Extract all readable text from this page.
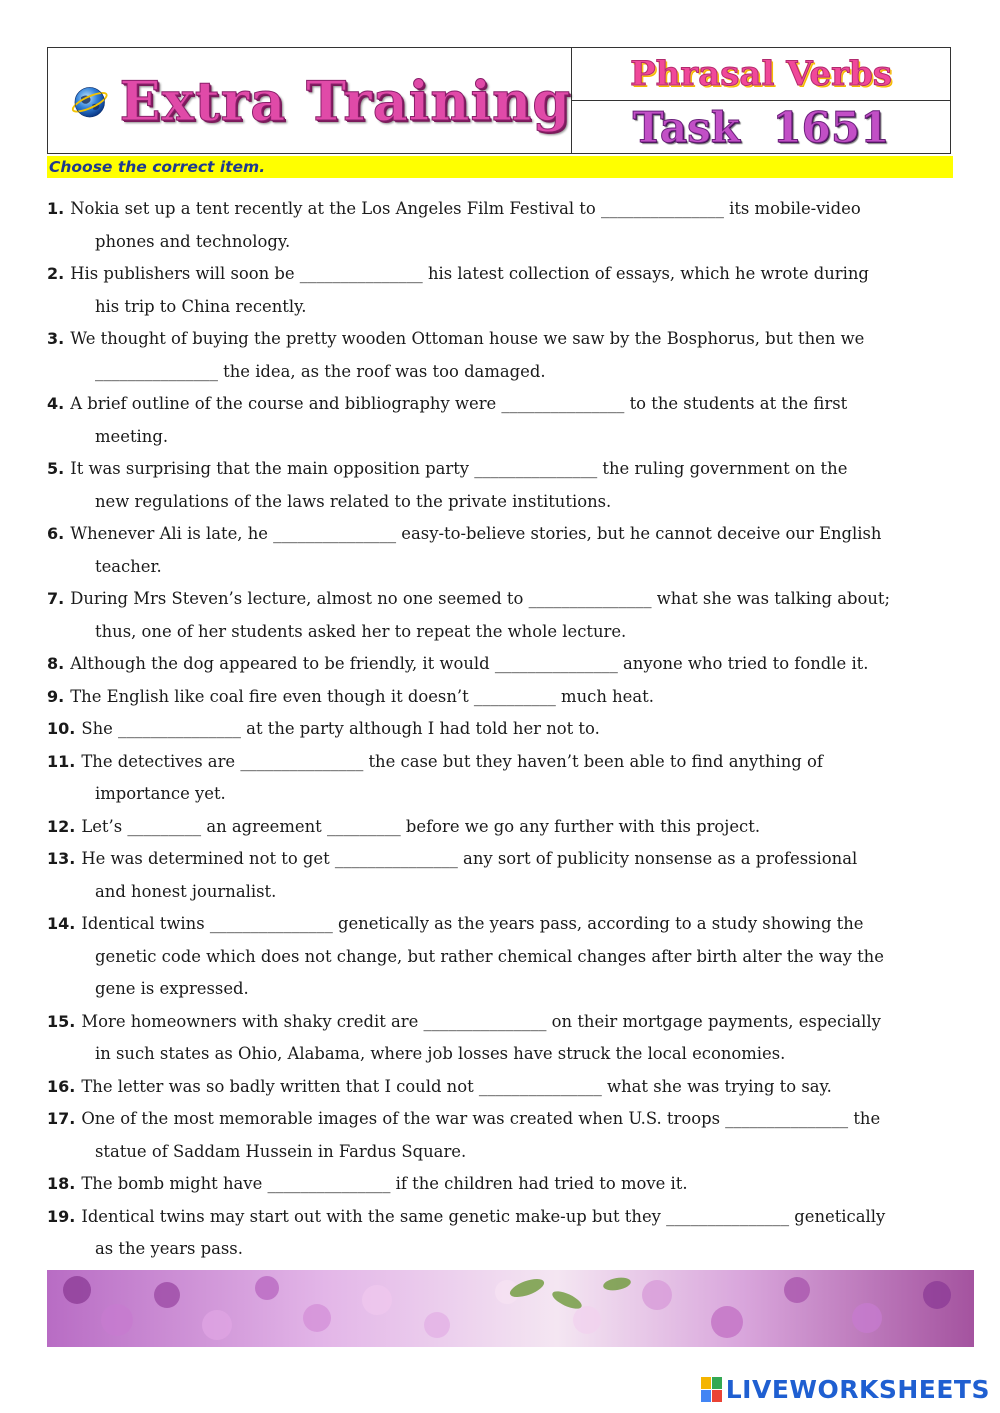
Extra Training Phrasal Verbs
Task 1651
Choose the correct item.
1. Nokia set up a tent recently at the Los Angeles Film Festival to _______________ its mobile-video
phones and technology.
2. His publishers will soon be _______________ his latest collection of essays, which he wrote during
his trip to China recently.
3. We thought of buying the pretty wooden Ottoman house we saw by the Bosphorus, but then we
_______________ the idea, as the roof was too damaged.
4. A brief outline of the course and bibliography were _______________ to the students at the first
meeting.
5. It was surprising that the main opposition party _______________ the ruling government on the
new regulations of the laws related to the private institutions.
6. Whenever Ali is late, he _______________ easy-to-believe stories, but he cannot deceive our English
teacher.
7. During Mrs Steven’s lecture, almost no one seemed to _______________ what she was talking about;
thus, one of her students asked her to repeat the whole lecture.
8. Although the dog appeared to be friendly, it would _______________ anyone who tried to fondle it.
9. The English like coal fire even though it doesn’t __________ much heat.
10. She _______________ at the party although I had told her not to.
11. The detectives are _______________ the case but they haven’t been able to find anything of
importance yet.
12. Let’s _________ an agreement _________ before we go any further with this project.
13. He was determined not to get _______________ any sort of publicity nonsense as a professional
and honest journalist.
14. Identical twins _______________ genetically as the years pass, according to a study showing the
genetic code which does not change, but rather chemical changes after birth alter the way the
gene is expressed.
15. More homeowners with shaky credit are _______________ on their mortgage payments, especially
in such states as Ohio, Alabama, where job losses have struck the local economies.
16. The letter was so badly written that I could not _______________ what she was trying to say.
17. One of the most memorable images of the war was created when U.S. troops _______________ the
statue of Saddam Hussein in Fardus Square.
18. The bomb might have _______________ if the children had tried to move it.
19. Identical twins may start out with the same genetic make-up but they _______________ genetically
as the years pass.
LIVEWORKSHEETS
